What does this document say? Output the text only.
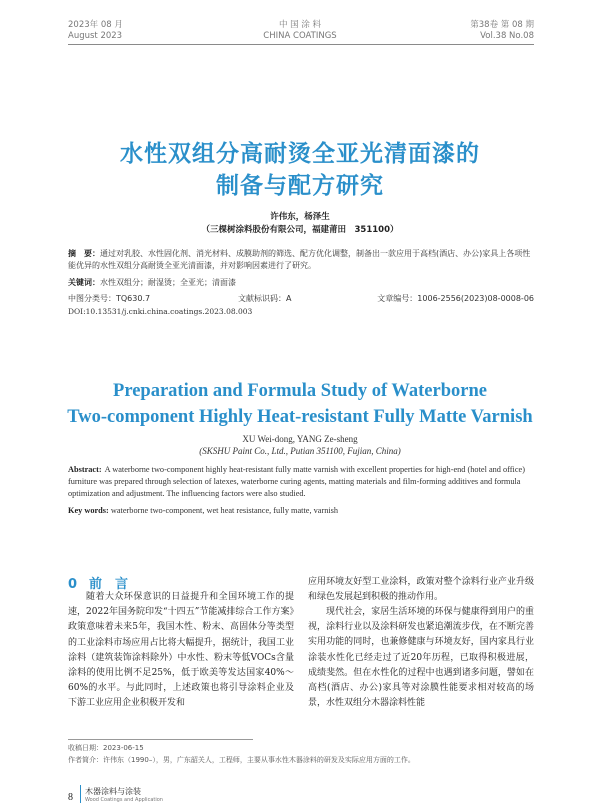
2023年 08 月
August 2023
中 国 涂 料
CHINA COATINGS
第38卷 第 08 期
Vol.38 No.08
水性双组分高耐烫全亚光清面漆的
制备与配方研究
许伟东，杨泽生
（三棵树涂料股份有限公司，福建莆田　351100）
摘　要：通过对乳胶、水性固化剂、消光材料、成膜助剂的筛选、配方优化调整，制备出一款应用于高档(酒店、办公)家具上各项性能优异的水性双组分高耐烫全亚光清面漆，并对影响因素进行了研究。
关键词：水性双组分；耐湿烫；全亚光；清面漆
中图分类号：TQ630.7	文献标识码：A	文章编号：1006-2556(2023)08-0008-06
DOI:10.13531/j.cnki.china.coatings.2023.08.003
Preparation and Formula Study of Waterborne
Two-component Highly Heat-resistant Fully Matte Varnish
XU Wei-dong, YANG Ze-sheng
(SKSHU Paint Co., Ltd., Putian 351100, Fujian, China)
Abstract: A waterborne two-component highly heat-resistant fully matte varnish with excellent properties for high-end (hotel and office) furniture was prepared through selection of latexes, waterborne curing agents, matting materials and film-forming additives and formula optimization and adjustment. The influencing factors were also studied.
Key words: waterborne two-component, wet heat resistance, fully matte, varnish
0 前　言
随着大众环保意识的日益提升和全国环境工作的提速，2022年国务院印发“十四五”节能减排综合工作方案》政策意味着未来5年，我国木性、粉末、高固体分等类型的工业涂料市场应用占比将大幅提升，据统计，我国工业涂料（建筑装饰涂料除外）中水性、粉末等低VOCs含量涂料的使用比例不足25%，低于欧美等发达国家40%～60%的水平。与此同时，上述政策也将引导涂料企业及下游工业应用企业积极开发和
应用环境友好型工业涂料，政策对整个涂料行业产业升级和绿色发展起到积极的推动作用。
现代社会，家居生活环境的环保与健康得到用户的重视，涂料行业以及涂料研发也紧追潮流步伐，在不断完善实用功能的同时，也兼修健康与环境友好，国内家具行业涂装水性化已经走过了近20年历程，已取得积极进展，成绩斐然。但在水性化的过程中也遇到诸多问题，譬如在高档(酒店、办公)家具等对涂膜性能要求相对较高的场景，水性双组分木器涂料性能
收稿日期：2023-06-15
作者简介：许伟东（1990–），男，广东韶关人，工程师，主要从事水性木器涂料的研发及实际应用方面的工作。
8
木器涂料与涂装
Wood Coatings and Application
